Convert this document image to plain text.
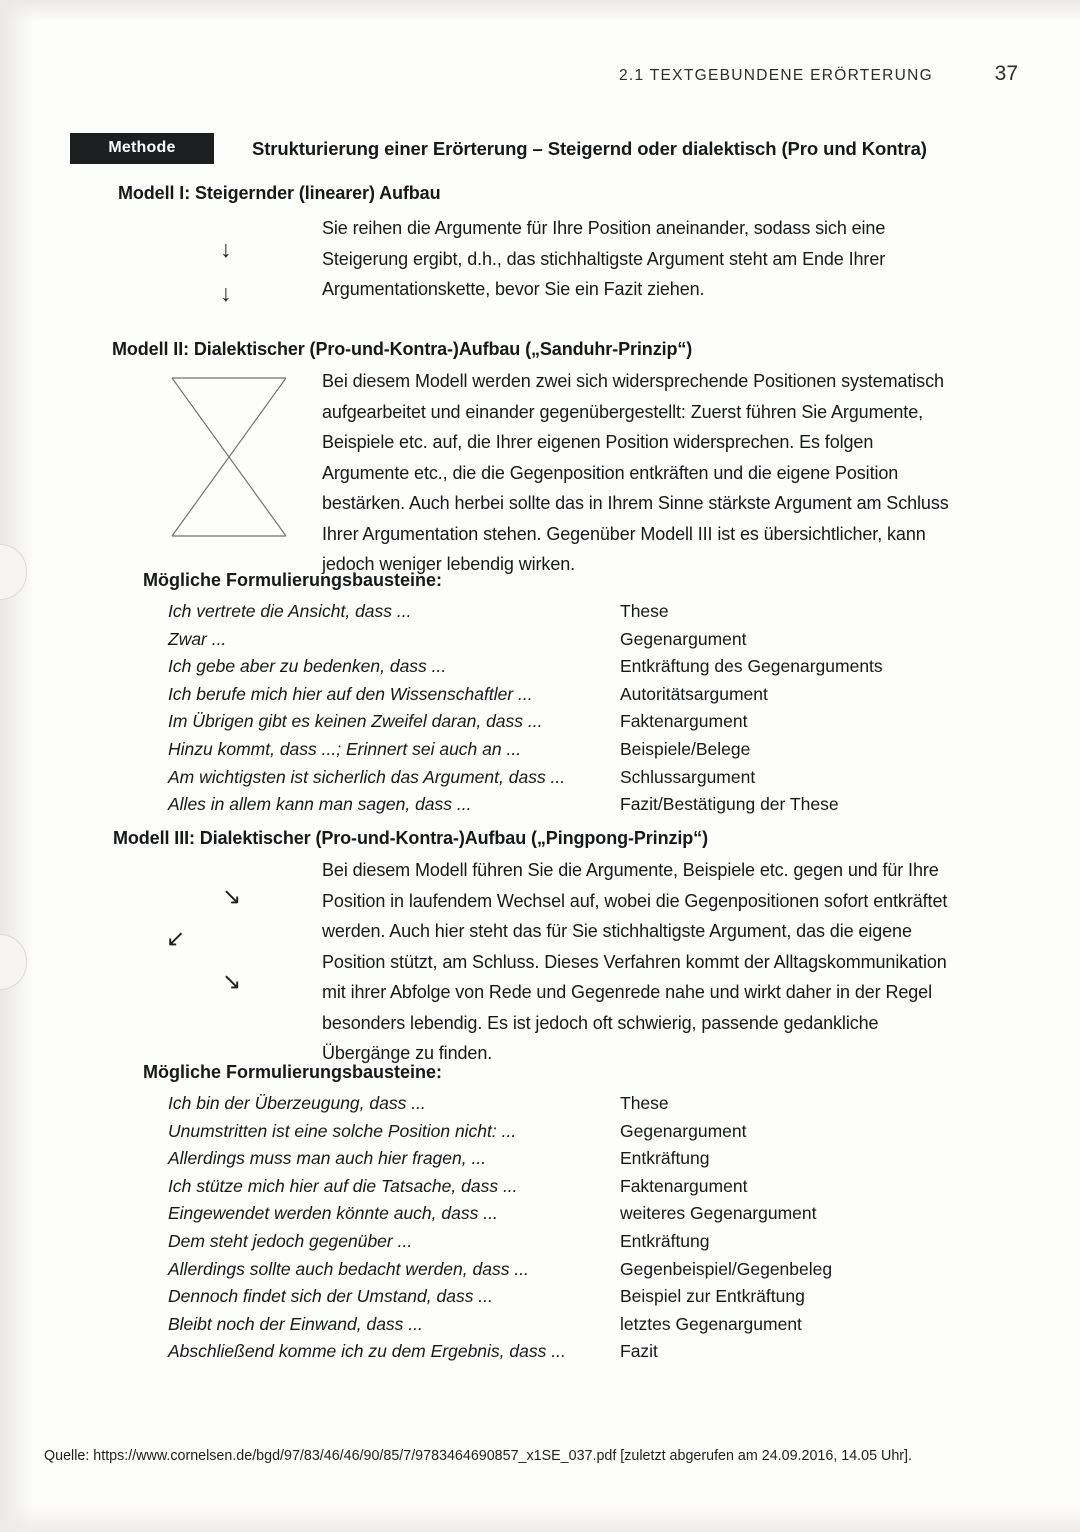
2.1 TEXTGEBUNDENE ERÖRTERUNG	37
Methode	Strukturierung einer Erörterung – Steigernd oder dialektisch (Pro und Kontra)
Modell I: Steigernder (linearer) Aufbau
↓
↓
Sie reihen die Argumente für Ihre Position aneinander, sodass sich eine Steigerung ergibt, d.h., das stichhaltigste Argument steht am Ende Ihrer Argumentationskette, bevor Sie ein Fazit ziehen.
Modell II: Dialektischer (Pro-und-Kontra-)Aufbau („Sanduhr-Prinzip“)
Bei diesem Modell werden zwei sich widersprechende Positionen systematisch aufgearbeitet und einander gegenübergestellt: Zuerst führen Sie Argumente, Beispiele etc. auf, die Ihrer eigenen Position widersprechen. Es folgen Argumente etc., die die Gegenposition entkräften und die eigene Position bestärken. Auch herbei sollte das in Ihrem Sinne stärkste Argument am Schluss Ihrer Argumentation stehen. Gegenüber Modell III ist es übersichtlicher, kann jedoch weniger lebendig wirken.
Mögliche Formulierungsbausteine:
Ich vertrete die Ansicht, dass ...	These
Zwar ...	Gegenargument
Ich gebe aber zu bedenken, dass ...	Entkräftung des Gegenarguments
Ich berufe mich hier auf den Wissenschaftler ...	Autoritätsargument
Im Übrigen gibt es keinen Zweifel daran, dass ...	Faktenargument
Hinzu kommt, dass ...; Erinnert sei auch an ...	Beispiele/Belege
Am wichtigsten ist sicherlich das Argument, dass ...	Schlussargument
Alles in allem kann man sagen, dass ...	Fazit/Bestätigung der These
Modell III: Dialektischer (Pro-und-Kontra-)Aufbau („Pingpong-Prinzip“)
↘
↙
↘
Bei diesem Modell führen Sie die Argumente, Beispiele etc. gegen und für Ihre Position in laufendem Wechsel auf, wobei die Gegenpositionen sofort entkräftet werden. Auch hier steht das für Sie stichhaltigste Argument, das die eigene Position stützt, am Schluss. Dieses Verfahren kommt der Alltagskommunikation mit ihrer Abfolge von Rede und Gegenrede nahe und wirkt daher in der Regel besonders lebendig. Es ist jedoch oft schwierig, passende gedankliche Übergänge zu finden.
Mögliche Formulierungsbausteine:
Ich bin der Überzeugung, dass ...	These
Unumstritten ist eine solche Position nicht: ...	Gegenargument
Allerdings muss man auch hier fragen, ...	Entkräftung
Ich stütze mich hier auf die Tatsache, dass ...	Faktenargument
Eingewendet werden könnte auch, dass ...	weiteres Gegenargument
Dem steht jedoch gegenüber ...	Entkräftung
Allerdings sollte auch bedacht werden, dass ...	Gegenbeispiel/Gegenbeleg
Dennoch findet sich der Umstand, dass ...	Beispiel zur Entkräftung
Bleibt noch der Einwand, dass ...	letztes Gegenargument
Abschließend komme ich zu dem Ergebnis, dass ...	Fazit
Quelle: https://www.cornelsen.de/bgd/97/83/46/46/90/85/7/9783464690857_x1SE_037.pdf [zuletzt abgerufen am 24.09.2016, 14.05 Uhr].
